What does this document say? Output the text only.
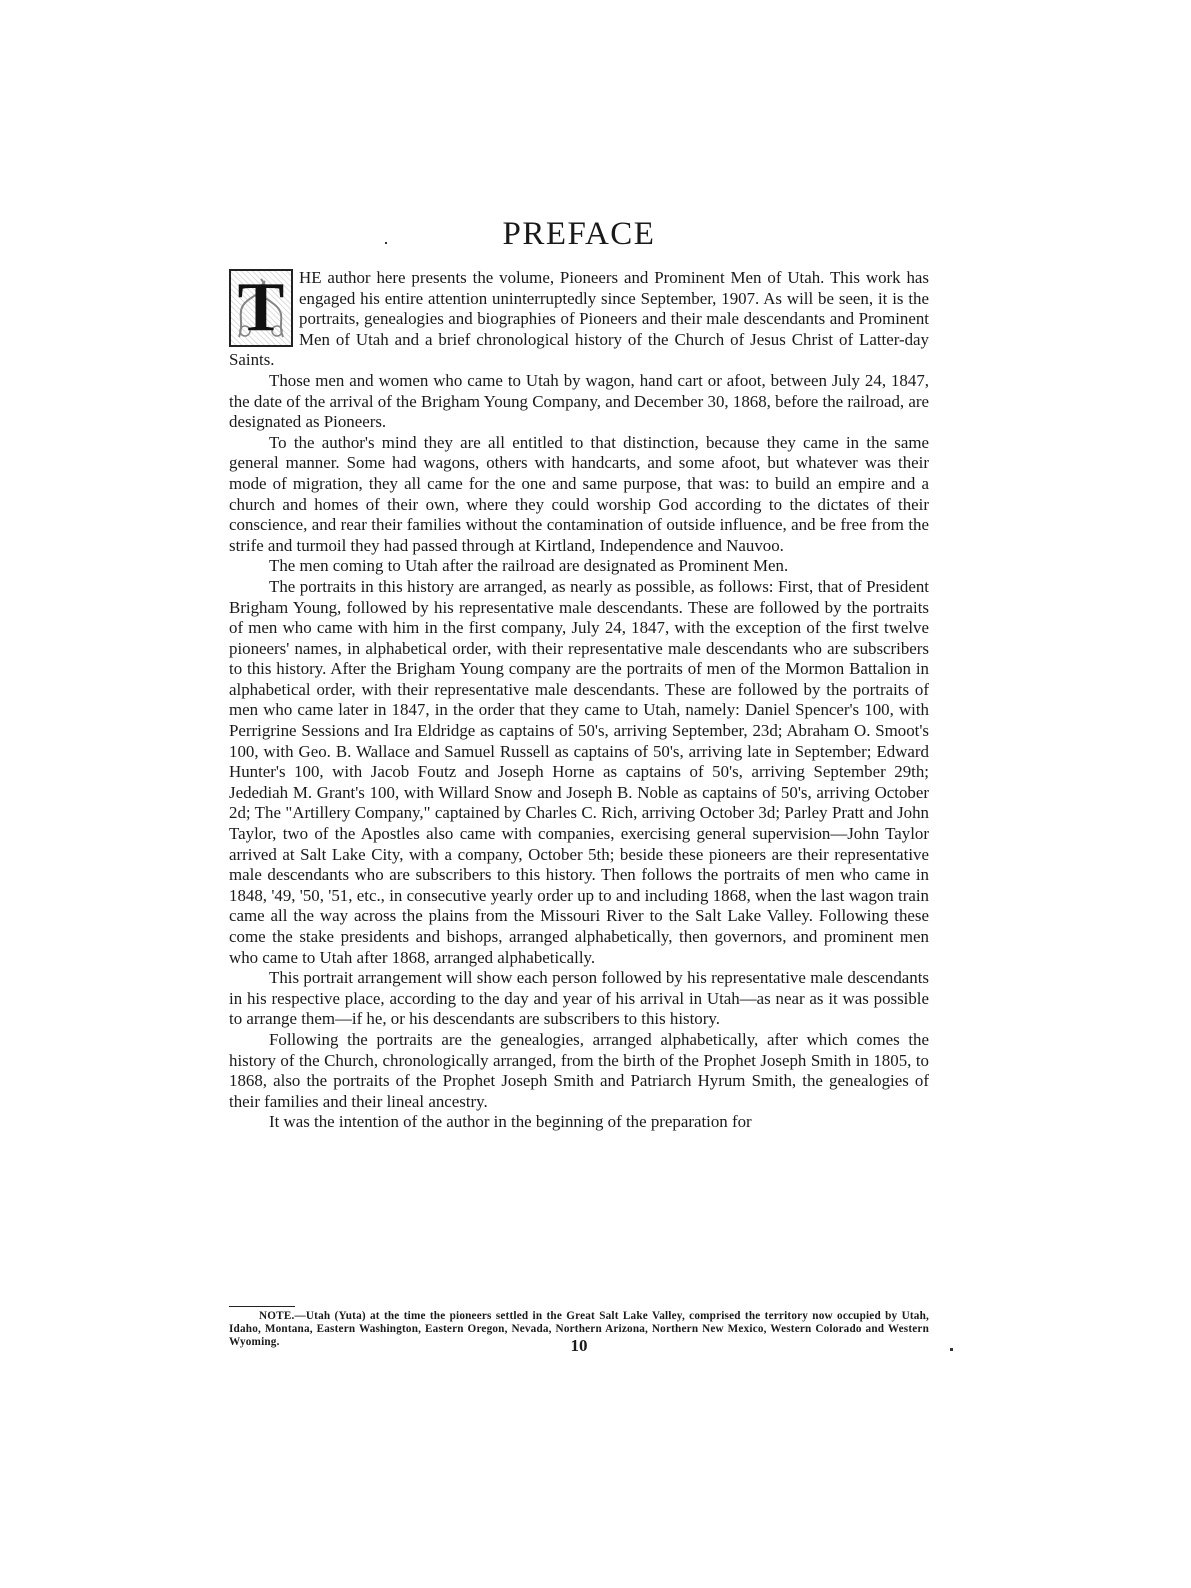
PREFACE

T HE author here presents the volume, Pioneers and Prominent Men of Utah. This work has engaged his entire attention uninterruptedly since September, 1907. As will be seen, it is the portraits, genealogies and biographies of Pioneers and their male descendants and Prominent Men of Utah and a brief chronological history of the Church of Jesus Christ of Latter-day Saints.

Those men and women who came to Utah by wagon, hand cart or afoot, between July 24, 1847, the date of the arrival of the Brigham Young Company, and December 30, 1868, before the railroad, are designated as Pioneers.

To the author's mind they are all entitled to that distinction, because they came in the same general manner. Some had wagons, others with handcarts, and some afoot, but whatever was their mode of migration, they all came for the one and same purpose, that was: to build an empire and a church and homes of their own, where they could worship God according to the dictates of their conscience, and rear their families without the contamination of outside influence, and be free from the strife and turmoil they had passed through at Kirtland, Independence and Nauvoo.

The men coming to Utah after the railroad are designated as Prominent Men.

The portraits in this history are arranged, as nearly as possible, as follows: First, that of President Brigham Young, followed by his representative male descendants. These are followed by the portraits of men who came with him in the first company, July 24, 1847, with the exception of the first twelve pioneers' names, in alphabetical order, with their representative male descendants who are subscribers to this history. After the Brigham Young company are the portraits of men of the Mormon Battalion in alphabetical order, with their representative male descendants. These are followed by the portraits of men who came later in 1847, in the order that they came to Utah, namely: Daniel Spencer's 100, with Perrigrine Sessions and Ira Eldridge as captains of 50's, arriving September, 23d; Abraham O. Smoot's 100, with Geo. B. Wallace and Samuel Russell as captains of 50's, arriving late in September; Edward Hunter's 100, with Jacob Foutz and Joseph Horne as captains of 50's, arriving September 29th; Jedediah M. Grant's 100, with Willard Snow and Joseph B. Noble as captains of 50's, arriving October 2d; The "Artillery Company," captained by Charles C. Rich, arriving October 3d; Parley Pratt and John Taylor, two of the Apostles also came with companies, exercising general supervision—John Taylor arrived at Salt Lake City, with a company, October 5th; beside these pioneers are their representative male descendants who are subscribers to this history. Then follows the portraits of men who came in 1848, '49, '50, '51, etc., in consecutive yearly order up to and including 1868, when the last wagon train came all the way across the plains from the Missouri River to the Salt Lake Valley. Following these come the stake presidents and bishops, arranged alphabetically, then governors, and prominent men who came to Utah after 1868, arranged alphabetically.

This portrait arrangement will show each person followed by his representative male descendants in his respective place, according to the day and year of his arrival in Utah—as near as it was possible to arrange them—if he, or his descendants are subscribers to this history.

Following the portraits are the genealogies, arranged alphabetically, after which comes the history of the Church, chronologically arranged, from the birth of the Prophet Joseph Smith in 1805, to 1868, also the portraits of the Prophet Joseph Smith and Patriarch Hyrum Smith, the genealogies of their families and their lineal ancestry.

It was the intention of the author in the beginning of the preparation for

NOTE.—Utah (Yuta) at the time the pioneers settled in the Great Salt Lake Valley, comprised the territory now occupied by Utah, Idaho, Montana, Eastern Washington, Eastern Oregon, Nevada, Northern Arizona, Northern New Mexico, Western Colorado and Western Wyoming.	10
